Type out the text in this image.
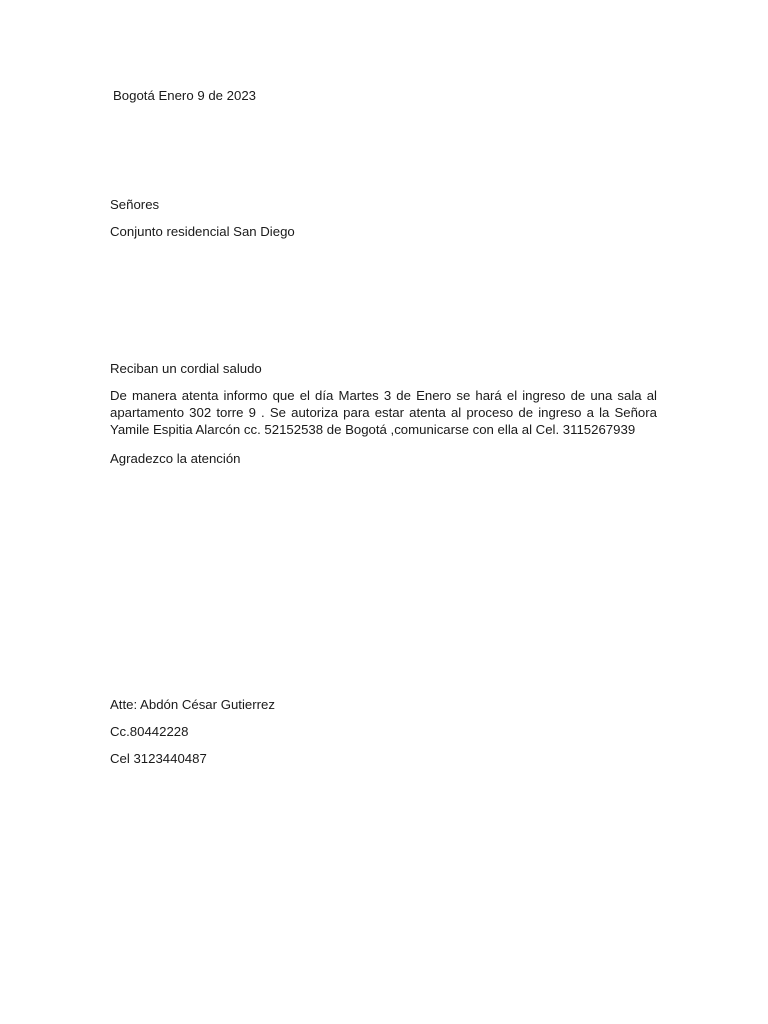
Bogotá Enero 9 de 2023
Señores
Conjunto residencial San Diego
Reciban un cordial saludo
De manera atenta informo que el día Martes 3 de Enero se hará el ingreso de una sala al
apartamento 302 torre 9 . Se autoriza para estar atenta al proceso de ingreso a la Señora
Yamile Espitia Alarcón cc. 52152538 de Bogotá ,comunicarse con ella al Cel. 3115267939
Agradezco la atención
Atte: Abdón César Gutierrez
Cc.80442228
Cel 3123440487
